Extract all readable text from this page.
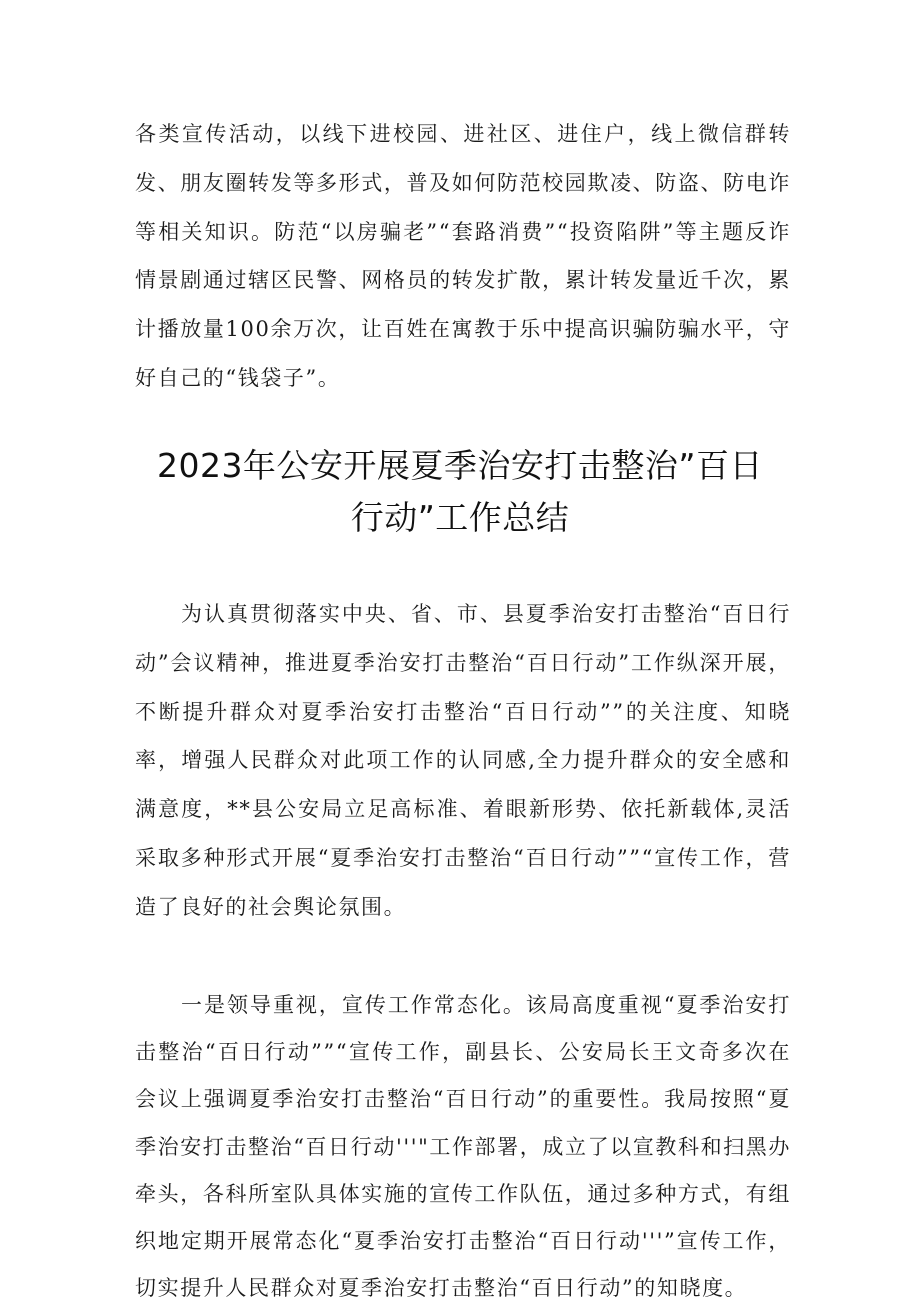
各类宣传活动，以线下进校园、进社区、进住户，线上微信群转发、朋友圈转发等多形式，普及如何防范校园欺凌、防盗、防电诈等相关知识。防范“以房骗老”“套路消费”“投资陷阱”等主题反诈情景剧通过辖区民警、网格员的转发扩散，累计转发量近千次，累计播放量100余万次，让百姓在寓教于乐中提高识骗防骗水平，守好自己的“钱袋子”。

2023年公安开展夏季治安打击整治”百日
行动”工作总结

为认真贯彻落实中央、省、市、县夏季治安打击整治“百日行动”会议精神，推进夏季治安打击整治“百日行动”工作纵深开展，不断提升群众对夏季治安打击整治“百日行动””的关注度、知晓率，增强人民群众对此项工作的认同感,全力提升群众的安全感和满意度，**县公安局立足高标准、着眼新形势、依托新载体,灵活采取多种形式开展“夏季治安打击整治“百日行动””“宣传工作，营造了良好的社会舆论氛围。

一是领导重视，宣传工作常态化。该局高度重视“夏季治安打击整治“百日行动””“宣传工作，副县长、公安局长王文奇多次在会议上强调夏季治安打击整治“百日行动”的重要性。我局按照“夏季治安打击整治“百日行动'''"工作部署，成立了以宣教科和扫黑办牵头，各科所室队具体实施的宣传工作队伍，通过多种方式，有组织地定期开展常态化“夏季治安打击整治“百日行动'''”宣传工作，切实提升人民群众对夏季治安打击整治“百日行动”的知晓度。
